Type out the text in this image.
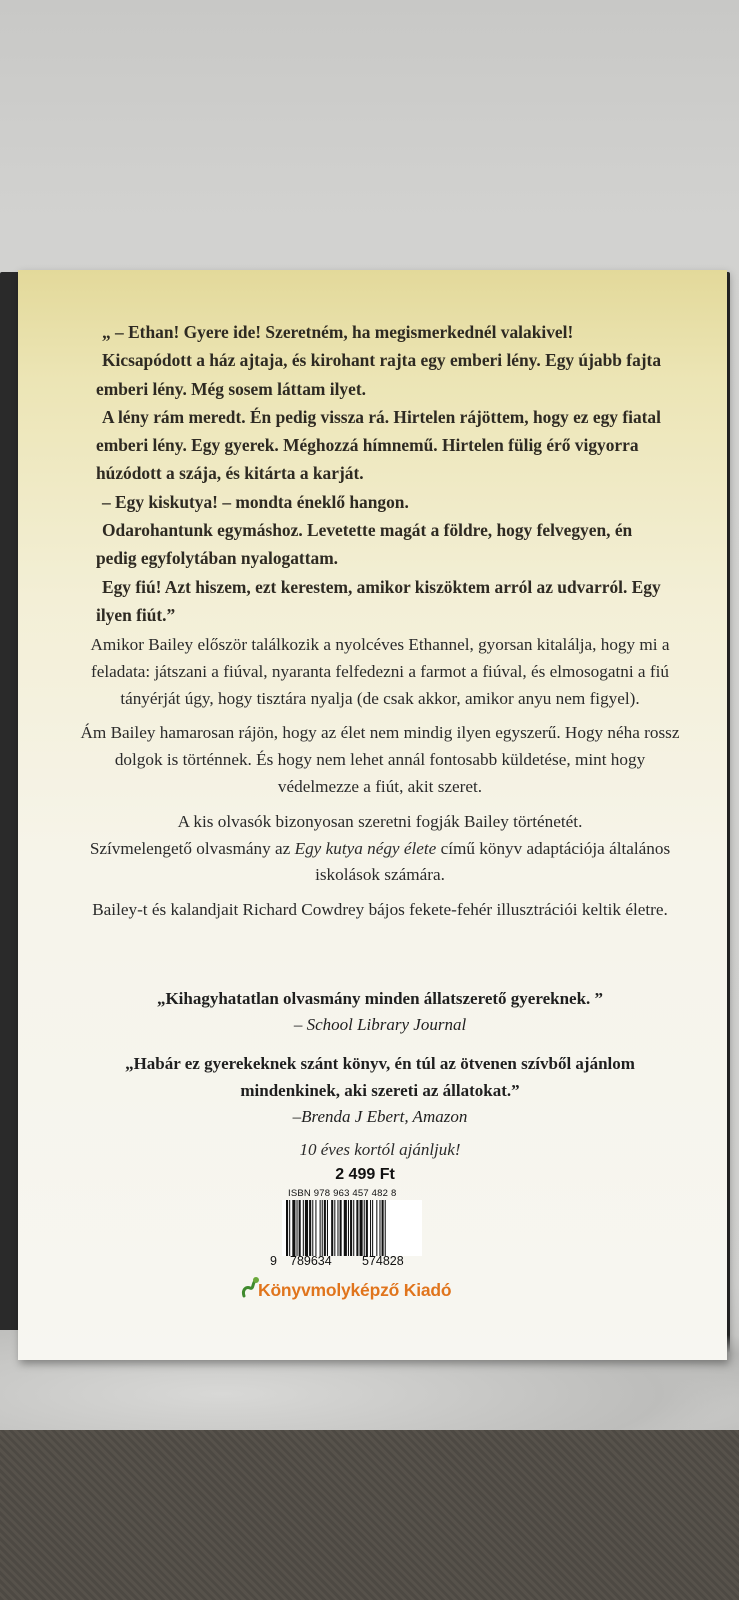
„ – Ethan! Gyere ide! Szeretném, ha megismerkednél valakivel!

Kicsapódott a ház ajtaja, és kirohant rajta egy emberi lény. Egy újabb fajta emberi lény. Még sosem láttam ilyet.

A lény rám meredt. Én pedig vissza rá. Hirtelen rájöttem, hogy ez egy fiatal emberi lény. Egy gyerek. Méghozzá hímnemű. Hirtelen fülig érő vigyorra húzódott a szája, és kitárta a karját.

– Egy kiskutya! – mondta éneklő hangon.

Odarohantunk egymáshoz. Levetette magát a földre, hogy felvegyen, én pedig egyfolytában nyalogattam.

Egy fiú! Azt hiszem, ezt kerestem, amikor kiszöktem arról az udvarról. Egy ilyen fiút.”

Amikor Bailey először találkozik a nyolcéves Ethannel, gyorsan kitalálja, hogy mi a feladata: játszani a fiúval, nyaranta felfedezni a farmot a fiúval, és elmosogatni a fiú tányérját úgy, hogy tisztára nyalja (de csak akkor, amikor anyu nem figyel).

Ám Bailey hamarosan rájön, hogy az élet nem mindig ilyen egyszerű. Hogy néha rossz dolgok is történnek. És hogy nem lehet annál fontosabb küldetése, mint hogy védelmezze a fiút, akit szeret.

A kis olvasók bizonyosan szeretni fogják Bailey történetét.
Szívmelengető olvasmány az Egy kutya négy élete című könyv adaptációja általános iskolások számára.

Bailey-t és kalandjait Richard Cowdrey bájos fekete-fehér illusztrációi keltik életre.

„Kihagyhatatlan olvasmány minden állatszerető gyereknek. ”
– School Library Journal
„Habár ez gyerekeknek szánt könyv, én túl az ötvenen szívből ajánlom mindenkinek, aki szereti az állatokat.”
–Brenda J Ebert, Amazon
10 éves kortól ajánljuk!
2 499 Ft
ISBN 978 963 457 482 8
9 789634 574828
Könyvmolyképző Kiadó
